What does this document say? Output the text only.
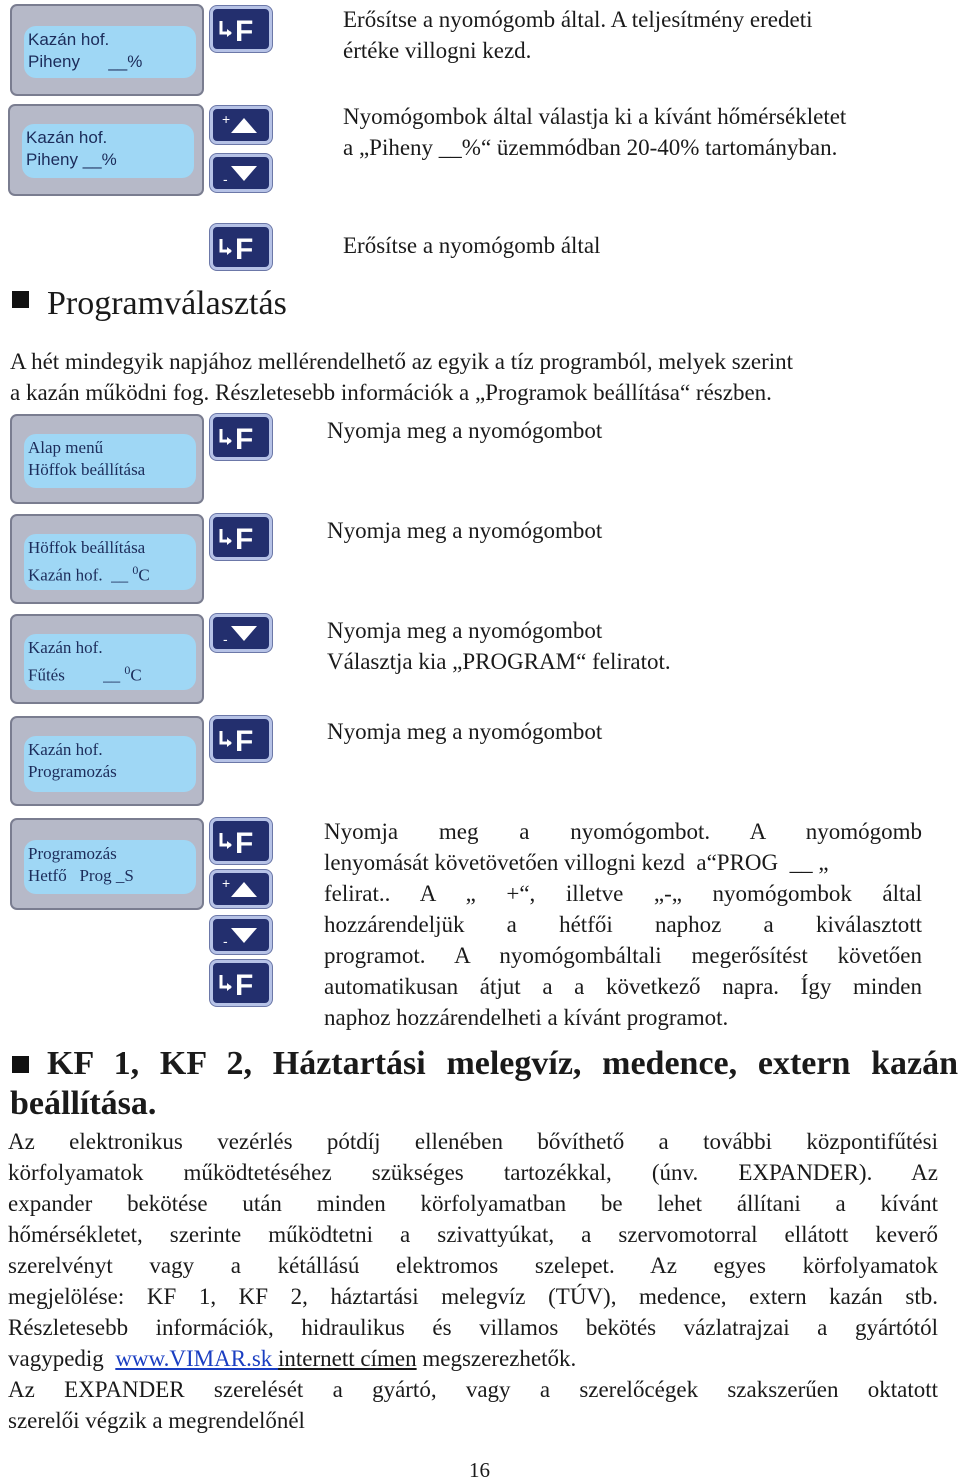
Kazán hof.
Piheny      __%
F	Erősítse a nyomógomb által. A teljesítmény eredeti
értéke villogni kezd.
Kazán hof.
Piheny __%
+
-
Nyomógombok által válastja ki a kívánt hőmérsékletet
a „Piheny __%“ üzemmódban 20-40% tartományban.
F	Erősítse a nyomógomb által
Programválasztás
A hét mindegyik napjához mellérendelhető az egyik a tíz programból, melyek szerint
a kazán működni fog. Részletesebb információk a „Programok beállítása“ részben.
Alap menű
Höffok beállítása
F	Nyomja meg a nyomógombot
Höffok beállítása
Kazán hof.  __ $^0$C
F	Nyomja meg a nyomógombot
Kazán hof.
Fűtés         __ $^0$C
-	Nyomja meg a nyomógombot
Választja kia „PROGRAM“ feliratot.
Kazán hof.
Programozás
F	Nyomja meg a nyomógombot
Programozás
Hetfő   Prog _S
F
+
-
F
Nyomja meg a nyomógombot. A nyomógomb
lenyomását követövetően villogni kezd  a“PROG  __ „
felirat.. A „ +“, illetve „-„ nyomógombok által
hozzárendeljük a hétfői naphoz a kiválasztott
programot. A nyomógombáltali megerősítést követően
automatikusan átjut a a következő napra. Így minden
naphoz hozzárendelheti a kívánt programot.
KF 1, KF 2, Háztartási melegvíz, medence, extern kazán
beállítása.
Az elektronikus vezérlés pótdíj ellenében bővíthető a további központifűtési
körfolyamatok működtetéséhez szükséges tartozékkal, (únv. EXPANDER). Az
expander bekötése után minden körfolyamatban be lehet állítani a kívánt
hőmérsékletet, szerinte működtetni a szivattyúkat, a szervomotorral ellátott keverő
szerelvényt vagy a kétállású elektromos szelepet. Az egyes körfolyamatok
megjelölése: KF 1, KF 2, háztartási melegvíz (TÚV), medence, extern kazán stb.
Részletesebb információk, hidraulikus és villamos bekötés vázlatrajzai a gyártótól
vagypedig  www.VIMAR.sk internett címen megszerezhetők.
Az EXPANDER szerelését a gyártó, vagy a szerelőcégek szakszerűen oktatott
szerelői végzik a megrendelőnél
16
